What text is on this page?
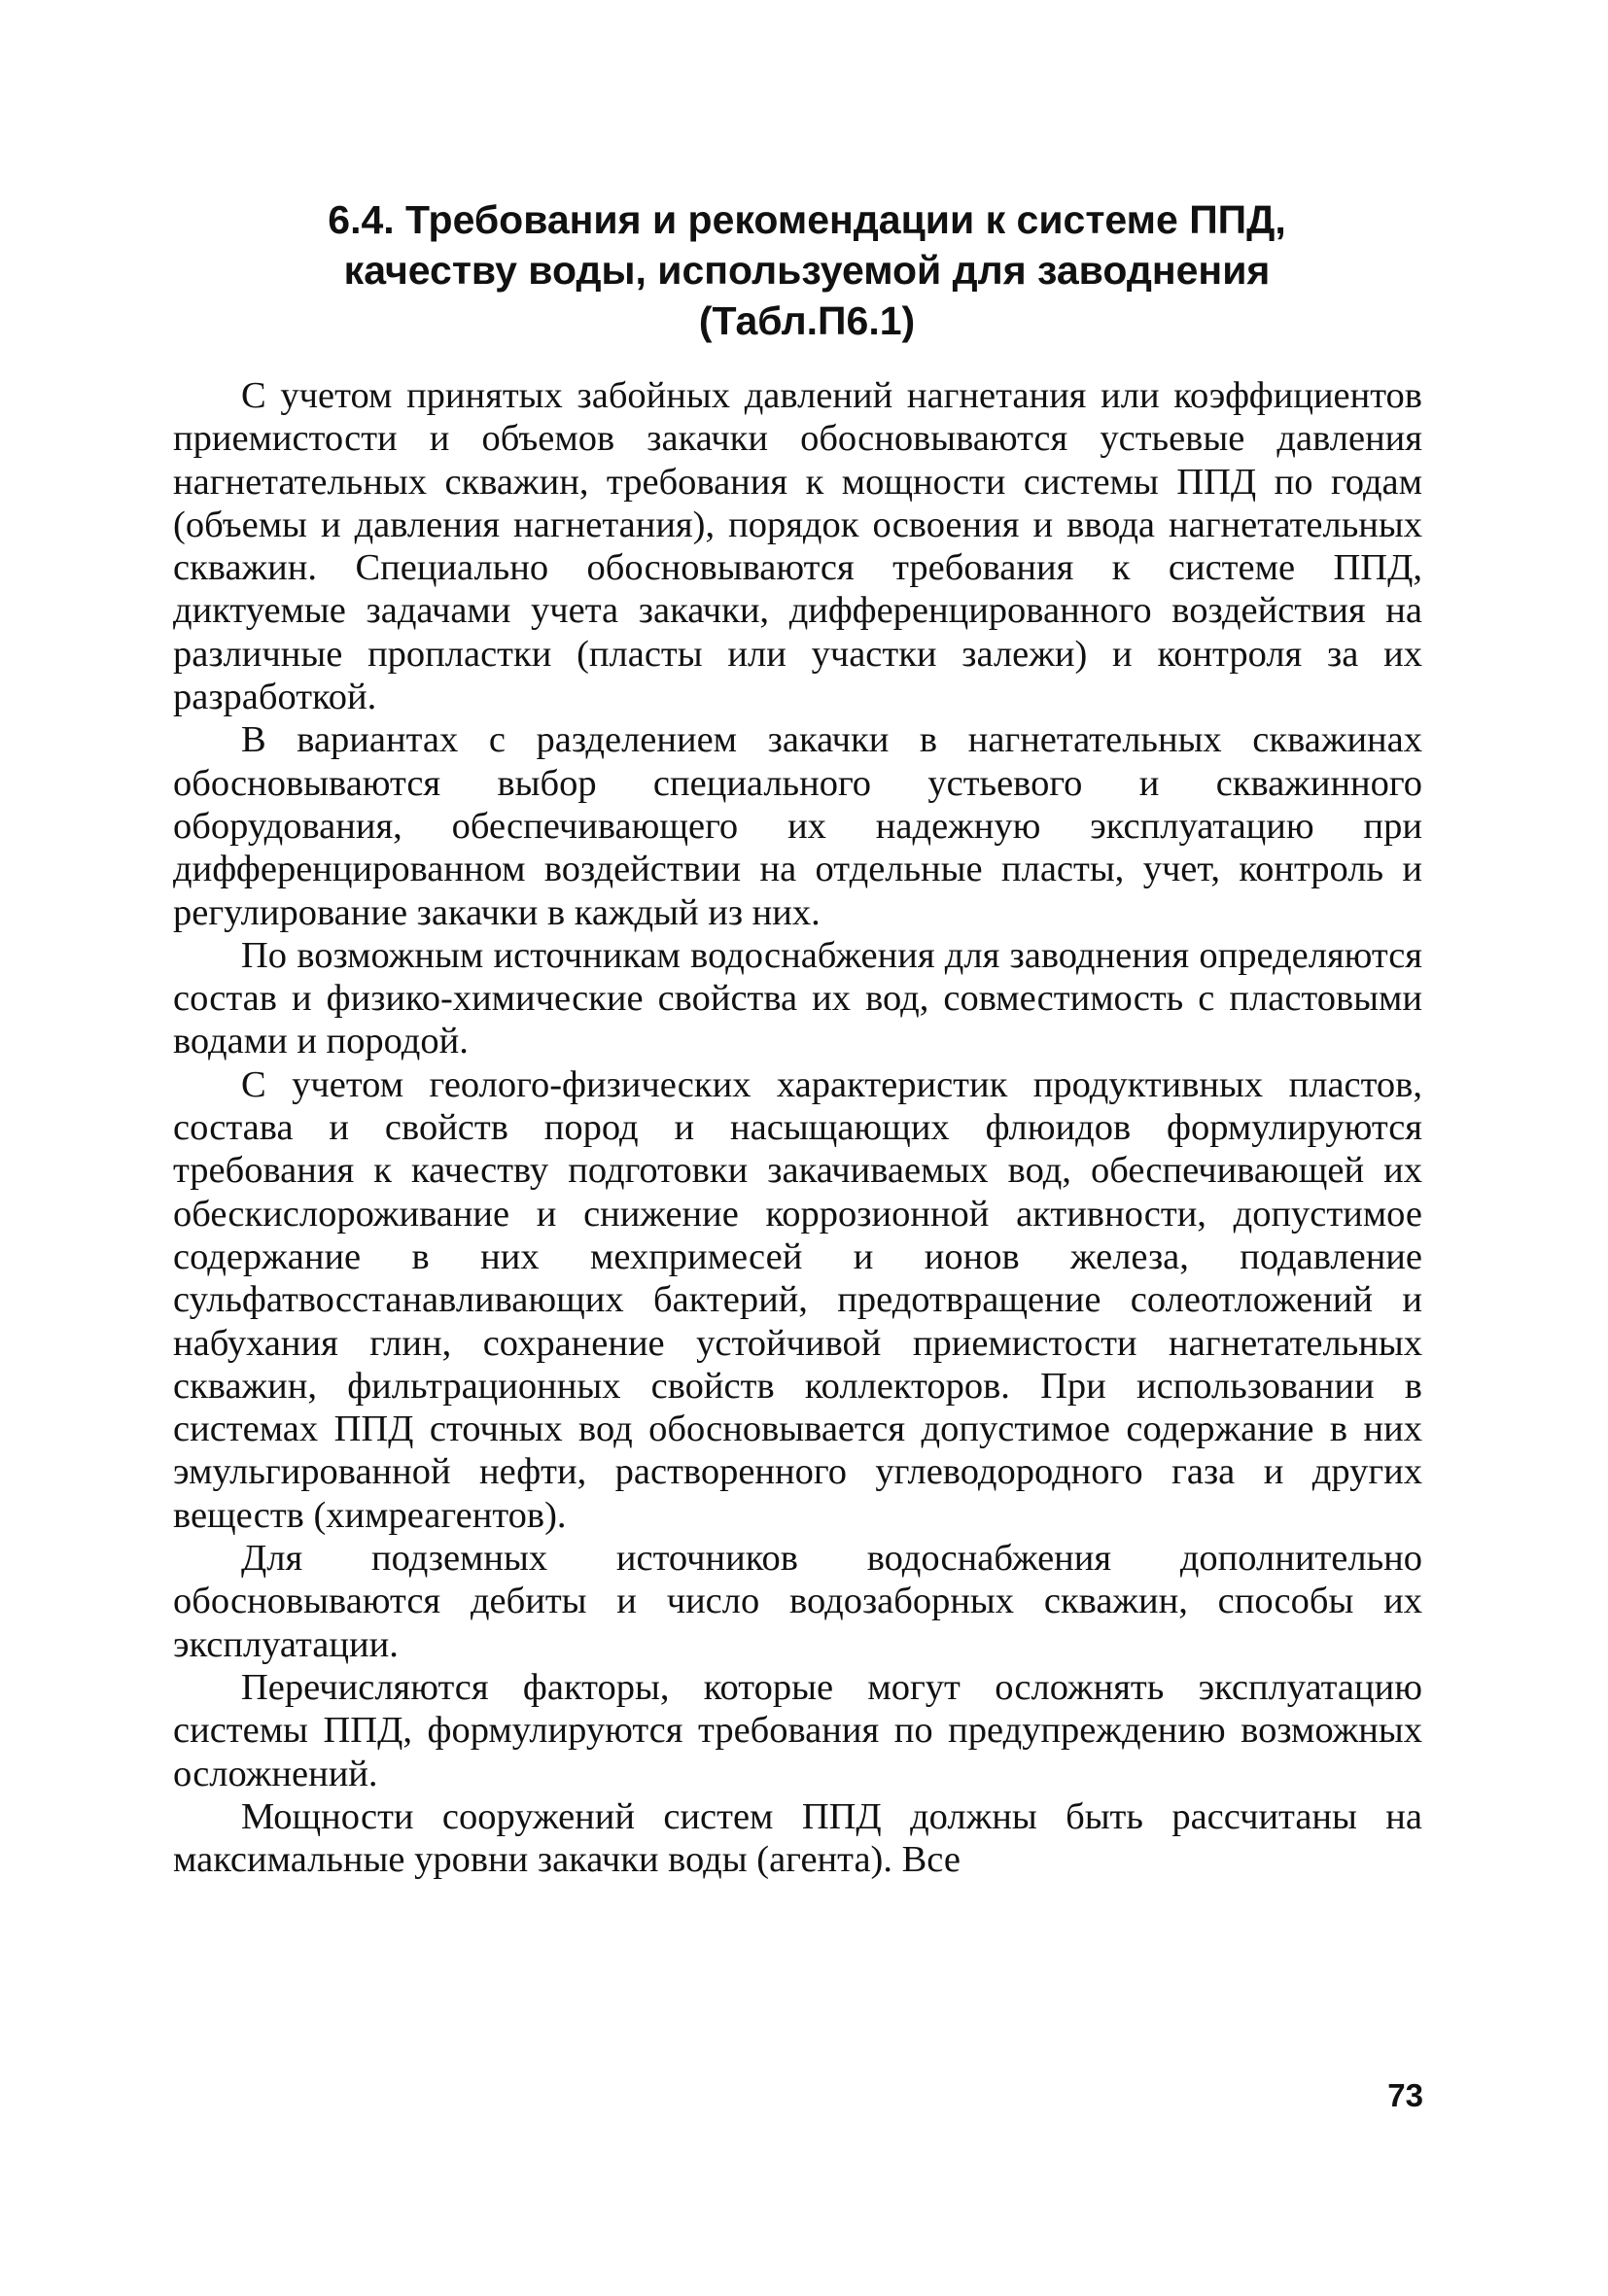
6.4. Требования и рекомендации к системе ППД,
качеству воды, используемой для заводнения
(Табл.П6.1)

С учетом принятых забойных давлений нагнетания или коэффициентов приемистости и объемов закачки обосновываются устьевые давления нагнетательных скважин, требования к мощности системы ППД по годам (объемы и давления нагнетания), порядок освоения и ввода нагнетательных скважин. Специально обосновываются требования к системе ППД, диктуемые задачами учета закачки, дифференцированного воздействия на различные пропластки (пласты или участки залежи) и контроля за их разработкой.

В вариантах с разделением закачки в нагнетательных скважинах обосновываются выбор специального устьевого и скважинного оборудования, обеспечивающего их надежную эксплуатацию при дифференцированном воздействии на отдельные пласты, учет, контроль и регулирование закачки в каждый из них.

По возможным источникам водоснабжения для заводнения определяются состав и физико-химические свойства их вод, совместимость с пластовыми водами и породой.

С учетом геолого-физических характеристик продуктивных пластов, состава и свойств пород и насыщающих флюидов формулируются требования к качеству подготовки закачиваемых вод, обеспечивающей их обескислороживание и снижение коррозионной активности, допустимое содержание в них мехпримесей и ионов железа, подавление сульфатвосстанавливающих бактерий, предотвращение солеотложений и набухания глин, сохранение устойчивой приемистости нагнетательных скважин, фильтрационных свойств коллекторов. При использовании в системах ППД сточных вод обосновывается допустимое содержание в них эмульгированной нефти, растворенного углеводородного газа и других веществ (химреагентов).

Для подземных источников водоснабжения дополнительно обосновываются дебиты и число водозаборных скважин, способы их эксплуатации.

Перечисляются факторы, которые могут осложнять эксплуатацию системы ППД, формулируются требования по предупреждению возможных осложнений.

Мощности сооружений систем ППД должны быть рассчитаны на максимальные уровни закачки воды (агента). Все

73
